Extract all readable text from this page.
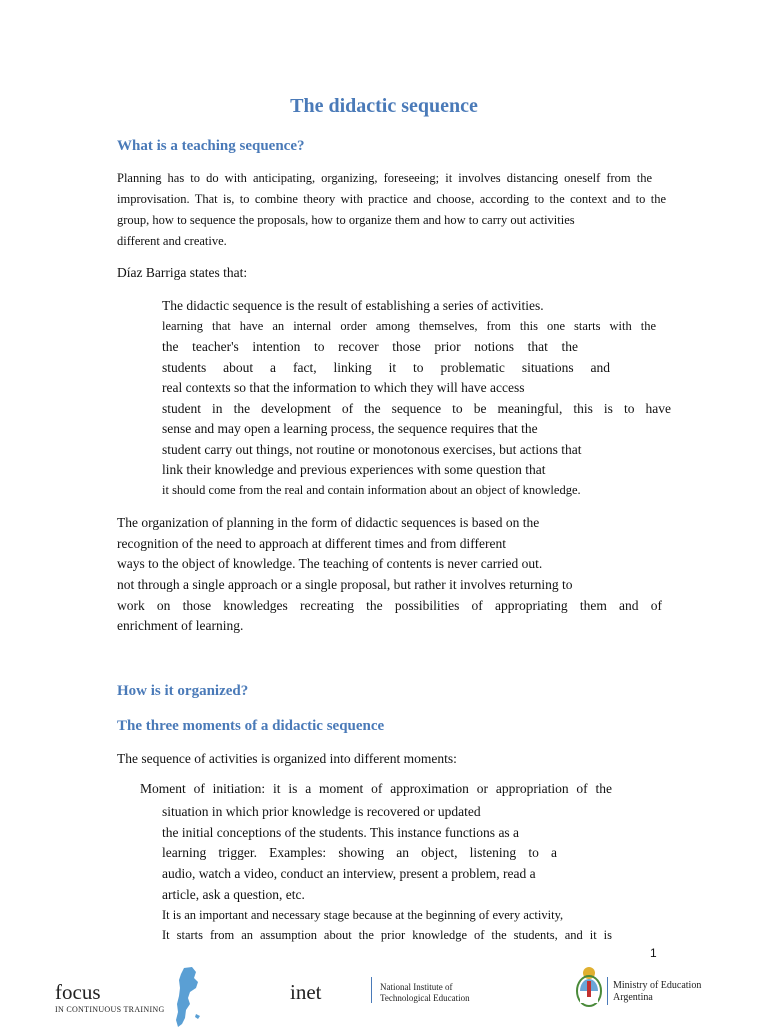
The didactic sequence
What is a teaching sequence?
Planning has to do with anticipating, organizing, foreseeing; it involves distancing oneself from the
improvisation. That is, to combine theory with practice and choose, according to the context and to the
group, how to sequence the proposals, how to organize them and how to carry out activities
different and creative.
Díaz Barriga states that:
The didactic sequence is the result of establishing a series of activities.
learning that have an internal order among themselves, from this one starts with the
the teacher's intention to recover those prior notions that the
students about a fact, linking it to problematic situations and
real contexts so that the information to which they will have access
student in the development of the sequence to be meaningful, this is to have
sense and may open a learning process, the sequence requires that the
student carry out things, not routine or monotonous exercises, but actions that
link their knowledge and previous experiences with some question that
it should come from the real and contain information about an object of knowledge.
The organization of planning in the form of didactic sequences is based on the
recognition of the need to approach at different times and from different
ways to the object of knowledge. The teaching of contents is never carried out.
not through a single approach or a single proposal, but rather it involves returning to
work on those knowledges recreating the possibilities of appropriating them and of
enrichment of learning.
How is it organized?
The three moments of a didactic sequence
The sequence of activities is organized into different moments:
Moment of initiation: it is a moment of approximation or appropriation of the
situation in which prior knowledge is recovered or updated
the initial conceptions of the students. This instance functions as a
learning trigger. Examples: showing an object, listening to a
audio, watch a video, conduct an interview, present a problem, read a
article, ask a question, etc.
It is an important and necessary stage because at the beginning of every activity,
It starts from an assumption about the prior knowledge of the students, and it is
1
focus
IN CONTINUOUS TRAINING
inet	National Institute of
Technological Education
Ministry of Education
Argentina
